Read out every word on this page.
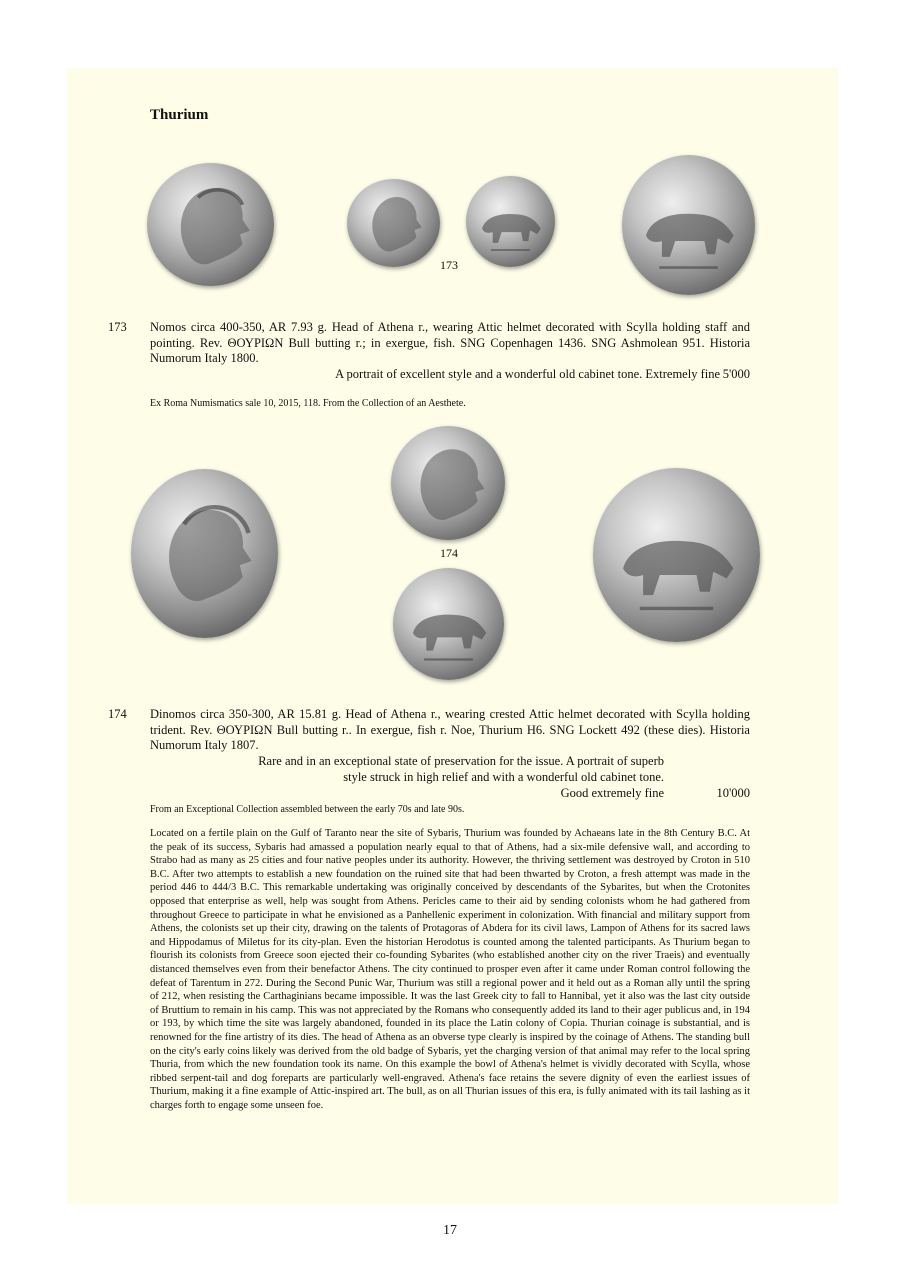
Thurium
173
173 Nomos circa 400-350, AR 7.93 g. Head of Athena r., wearing Attic helmet decorated with Scylla holding staff and pointing. Rev. ΘΟΥΡΙΩΝ Bull butting r.; in exergue, fish. SNG Copenhagen 1436. SNG Ashmolean 951. Historia Numorum Italy 1800.
A portrait of excellent style and a wonderful old cabinet tone. Extremely fine 5'000
Ex Roma Numismatics sale 10, 2015, 118. From the Collection of an Aesthete.
174
174 Dinomos circa 350-300, AR 15.81 g. Head of Athena r., wearing crested Attic helmet decorated with Scylla holding trident. Rev. ΘΟΥΡΙΩΝ Bull butting r.. In exergue, fish r. Noe, Thurium H6. SNG Lockett 492 (these dies). Historia Numorum Italy 1807.
Rare and in an exceptional state of preservation for the issue. A portrait of superb
style struck in high relief and with a wonderful old cabinet tone.
Good extremely fine	10'000
From an Exceptional Collection assembled between the early 70s and late 90s.
Located on a fertile plain on the Gulf of Taranto near the site of Sybaris, Thurium was founded by Achaeans late in the 8th Century B.C. At the peak of its success, Sybaris had amassed a population nearly equal to that of Athens, had a six-mile defensive wall, and according to Strabo had as many as 25 cities and four native peoples under its authority. However, the thriving settlement was destroyed by Croton in 510 B.C. After two attempts to establish a new foundation on the ruined site that had been thwarted by Croton, a fresh attempt was made in the period 446 to 444/3 B.C. This remarkable undertaking was originally conceived by descendants of the Sybarites, but when the Crotonites opposed that enterprise as well, help was sought from Athens. Pericles came to their aid by sending colonists whom he had gathered from throughout Greece to participate in what he envisioned as a Panhellenic experiment in colonization. With financial and military support from Athens, the colonists set up their city, drawing on the talents of Protagoras of Abdera for its civil laws, Lampon of Athens for its sacred laws and Hippodamus of Miletus for its city-plan. Even the historian Herodotus is counted among the talented participants. As Thurium began to flourish its colonists from Greece soon ejected their co-founding Sybarites (who established another city on the river Traeis) and eventually distanced themselves even from their benefactor Athens. The city continued to prosper even after it came under Roman control following the defeat of Tarentum in 272. During the Second Punic War, Thurium was still a regional power and it held out as a Roman ally until the spring of 212, when resisting the Carthaginians became impossible. It was the last Greek city to fall to Hannibal, yet it also was the last city outside of Bruttium to remain in his camp. This was not appreciated by the Romans who consequently added its land to their ager publicus and, in 194 or 193, by which time the site was largely abandoned, founded in its place the Latin colony of Copia. Thurian coinage is substantial, and is renowned for the fine artistry of its dies. The head of Athena as an obverse type clearly is inspired by the coinage of Athens. The standing bull on the city's early coins likely was derived from the old badge of Sybaris, yet the charging version of that animal may refer to the local spring Thuria, from which the new foundation took its name. On this example the bowl of Athena's helmet is vividly decorated with Scylla, whose ribbed serpent-tail and dog foreparts are particularly well-engraved. Athena's face retains the severe dignity of even the earliest issues of Thurium, making it a fine example of Attic-inspired art. The bull, as on all Thurian issues of this era, is fully animated with its tail lashing as it charges forth to engage some unseen foe.
17
